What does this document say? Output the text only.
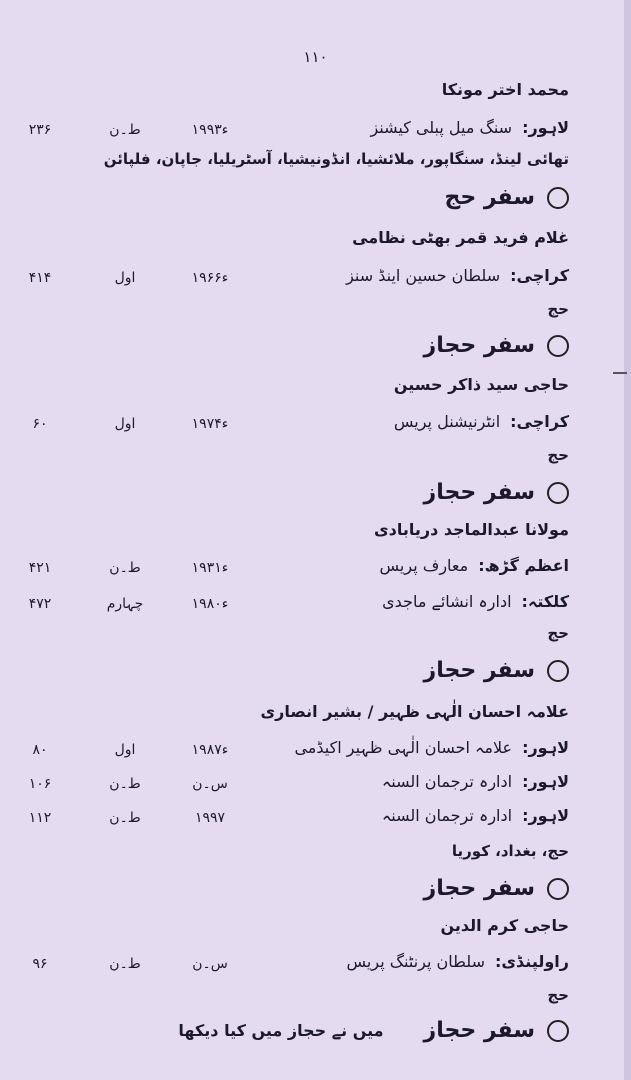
۱۱۰
محمد اختر مونکا
لاہور:سنگ میل پبلی کیشنز
۱۹۹۳ء
ط۔ن
۲۳۶
تھائی لینڈ، سنگاپور، ملائشیا، انڈونیشیا، آسٹریلیا، جاپان، فلپائن
سفر حج
غلام فرید قمر بھٹی نظامی
کراچی:سلطان حسین اینڈ سنز
۱۹۶۶ء
اول
۴۱۴
حج
سفر حجاز
حاجی سید ذاکر حسین
کراچی:انٹرنیشنل پریس
۱۹۷۴ء
اول
۶۰
حج
سفر حجاز
مولانا عبدالماجد دریابادی
اعظم گڑھ:معارف پریس
۱۹۳۱ء
ط۔ن
۴۲۱
کلکتہ:ادارہ انشائے ماجدی
۱۹۸۰ء
چہارم
۴۷۲
حج
سفر حجاز
علامہ احسان الٰہی ظہیر / بشیر انصاری
لاہور:علامہ احسان الٰہی ظہیر اکیڈمی
۱۹۸۷ء
اول
۸۰
لاہور:ادارہ ترجمان السنہ
س۔ن
ط۔ن
۱۰۶
لاہور:ادارہ ترجمان السنہ
۱۹۹۷
ط۔ن
۱۱۲
حج، بغداد، کوریا
سفر حجاز
حاجی کرم الدین
راولپنڈی:سلطان پرنٹنگ پریس
س۔ن
ط۔ن
۹۶
حج
سفر حجاز
میں نے حجاز میں کیا دیکھا
